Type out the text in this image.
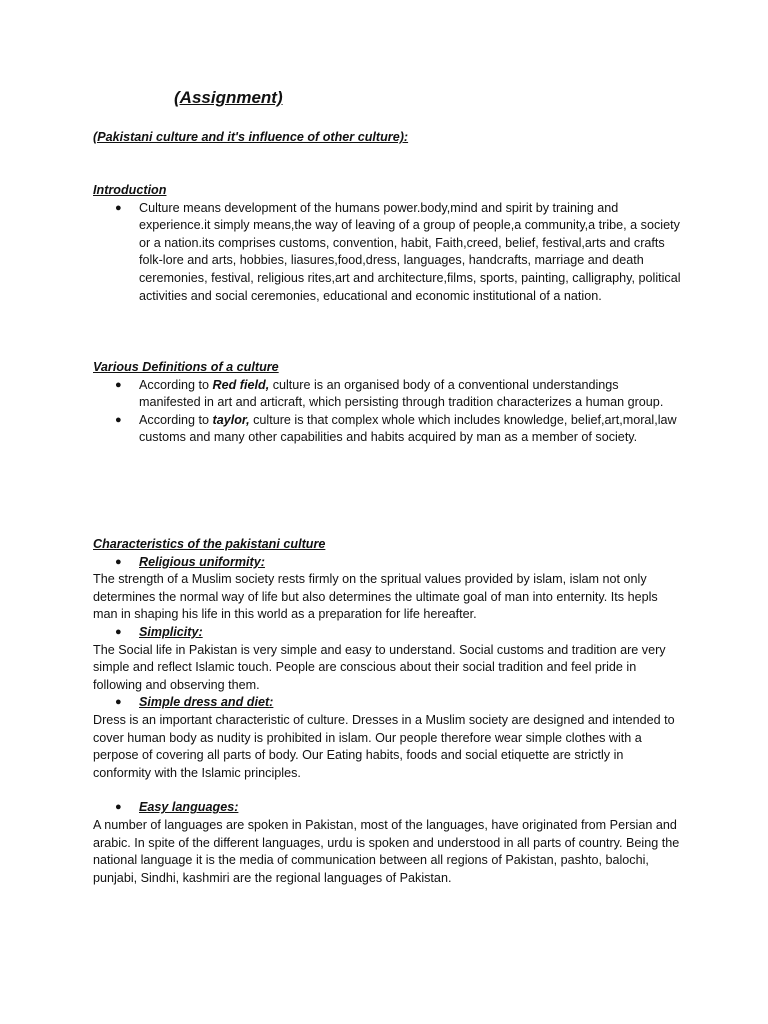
(Assignment)

(Pakistani culture and it's influence of other culture):

Introduction

● Culture means development of the humans power.body,mind and spirit by training and experience.it simply means,the way of leaving of a group of people,a community,a tribe, a society or a nation.its comprises customs, convention, habit, Faith,creed, belief, festival,arts and crafts folk-lore and arts, hobbies, liasures,food,dress, languages, handcrafts, marriage and death ceremonies, festival, religious rites,art and architecture,films, sports, painting, calligraphy, political activities and social ceremonies, educational and economic institutional of a nation.

Various Definitions of a culture

● According to Red field, culture is an organised body of a conventional understandings manifested in art and articraft, which persisting through tradition characterizes a human group.
● According to taylor, culture is that complex whole which includes knowledge, belief,art,moral,law customs and many other capabilities and habits acquired by man as a member of society.

Characteristics of the pakistani culture

● Religious uniformity:

The strength of a Muslim society rests firmly on the spritual values provided by islam, islam not only determines the normal way of life but also determines the ultimate goal of man into enternity. Its hepls man in shaping his life in this world as a preparation for life hereafter.

● Simplicity:

The Social life in Pakistan is very simple and easy to understand. Social customs and tradition are very simple and reflect Islamic touch. People are conscious about their social tradition and feel pride in following and observing them.

● Simple dress and diet:

Dress is an important characteristic of culture. Dresses in a Muslim society are designed and intended to cover human body as nudity is prohibited in islam. Our people therefore wear simple clothes with a perpose of covering all parts of body. Our Eating habits, foods and social etiquette are strictly in conformity with the Islamic principles.

● Easy languages:

A number of languages are spoken in Pakistan, most of the languages, have originated from Persian and arabic. In spite of the different languages, urdu is spoken and understood in all parts of country. Being the national language it is the media of communication between all regions of Pakistan, pashto, balochi, punjabi, Sindhi, kashmiri are the regional languages of Pakistan.
